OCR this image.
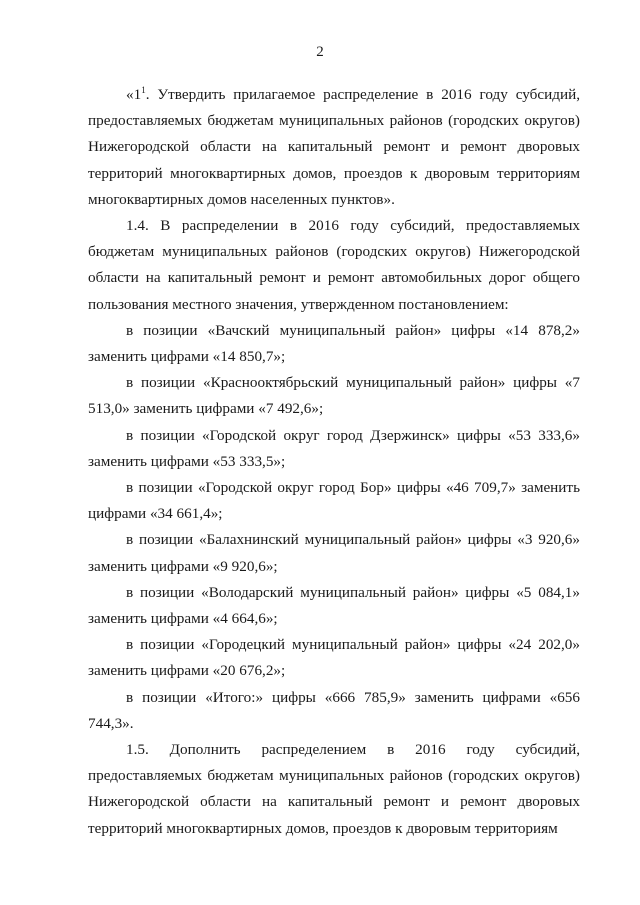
2

«$1^1$. Утвердить прилагаемое распределение в 2016 году субсидий, предоставляемых бюджетам муниципальных районов (городских округов) Нижегородской области на капитальный ремонт и ремонт дворовых территорий многоквартирных домов, проездов к дворовым территориям многоквартирных домов населенных пунктов».

1.4. В распределении в 2016 году субсидий, предоставляемых бюджетам муниципальных районов (городских округов) Нижегородской области на капитальный ремонт и ремонт автомобильных дорог общего пользования местного значения, утвержденном постановлением:

в позиции «Вачский муниципальный район» цифры «14 878,2» заменить цифрами «14 850,7»;

в позиции «Краснооктябрьский муниципальный район» цифры «7 513,0» заменить цифрами «7 492,6»;

в позиции «Городской округ город Дзержинск» цифры «53 333,6» заменить цифрами «53 333,5»;

в позиции «Городской округ город Бор» цифры «46 709,7» заменить цифрами «34 661,4»;

в позиции «Балахнинский муниципальный район» цифры «3 920,6» заменить цифрами «9 920,6»;

в позиции «Володарский муниципальный район» цифры «5 084,1» заменить цифрами «4 664,6»;

в позиции «Городецкий муниципальный район» цифры «24 202,0» заменить цифрами «20 676,2»;

в позиции «Итого:» цифры «666 785,9» заменить цифрами «656 744,3».

1.5. Дополнить распределением в 2016 году субсидий, предоставляемых бюджетам муниципальных районов (городских округов) Нижегородской области на капитальный ремонт и ремонт дворовых территорий многоквартирных домов, проездов к дворовым территориям
